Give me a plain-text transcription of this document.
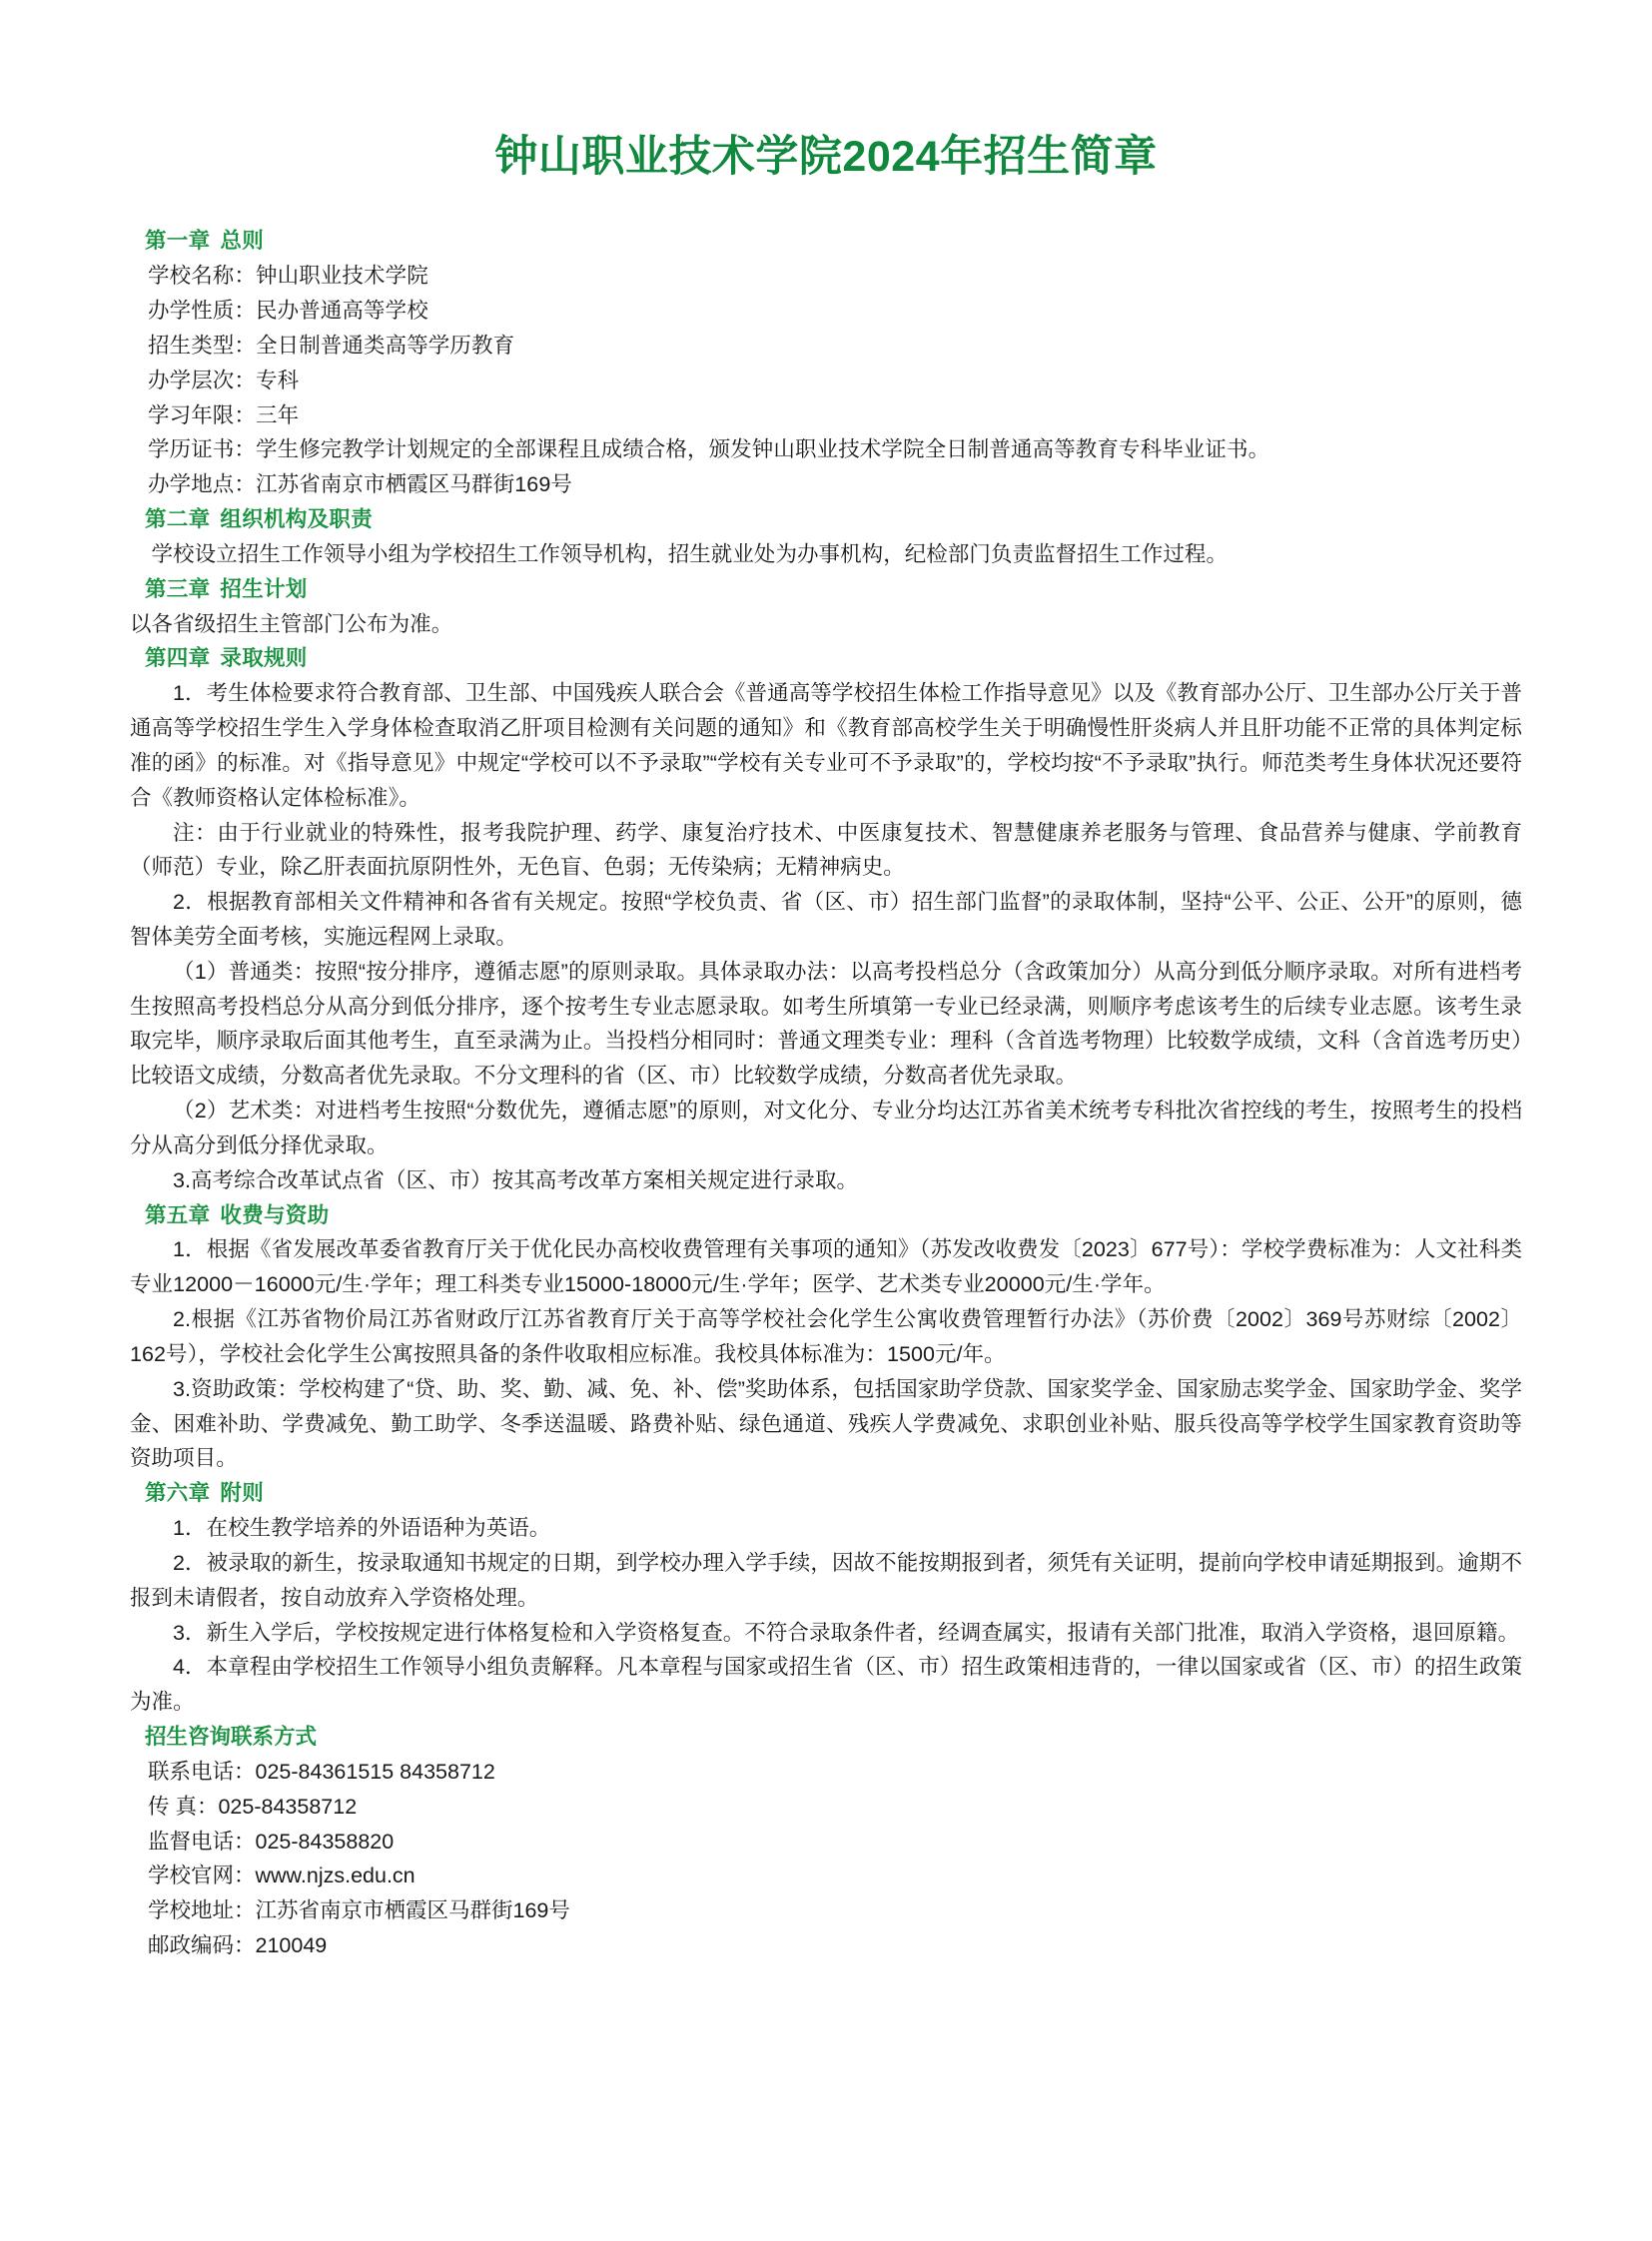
钟山职业技术学院2024年招生简章

第一章 总则

学校名称：钟山职业技术学院

办学性质：民办普通高等学校

招生类型：全日制普通类高等学历教育

办学层次：专科

学习年限：三年

学历证书：学生修完教学计划规定的全部课程且成绩合格，颁发钟山职业技术学院全日制普通高等教育专科毕业证书。

办学地点：江苏省南京市栖霞区马群街169号

第二章 组织机构及职责

学校设立招生工作领导小组为学校招生工作领导机构，招生就业处为办事机构，纪检部门负责监督招生工作过程。

第三章 招生计划

以各省级招生主管部门公布为准。

第四章 录取规则

1．考生体检要求符合教育部、卫生部、中国残疾人联合会《普通高等学校招生体检工作指导意见》以及《教育部办公厅、卫生部办公厅关于普通高等学校招生学生入学身体检查取消乙肝项目检测有关问题的通知》和《教育部高校学生关于明确慢性肝炎病人并且肝功能不正常的具体判定标准的函》的标准。对《指导意见》中规定“学校可以不予录取”“学校有关专业可不予录取”的，学校均按“不予录取”执行。师范类考生身体状况还要符合《教师资格认定体检标准》。

注：由于行业就业的特殊性，报考我院护理、药学、康复治疗技术、中医康复技术、智慧健康养老服务与管理、食品营养与健康、学前教育（师范）专业，除乙肝表面抗原阴性外，无色盲、色弱；无传染病；无精神病史。

2．根据教育部相关文件精神和各省有关规定。按照“学校负责、省（区、市）招生部门监督”的录取体制，坚持“公平、公正、公开”的原则，德智体美劳全面考核，实施远程网上录取。

（1）普通类：按照“按分排序，遵循志愿”的原则录取。具体录取办法：以高考投档总分（含政策加分）从高分到低分顺序录取。对所有进档考生按照高考投档总分从高分到低分排序，逐个按考生专业志愿录取。如考生所填第一专业已经录满，则顺序考虑该考生的后续专业志愿。该考生录取完毕，顺序录取后面其他考生，直至录满为止。当投档分相同时：普通文理类专业：理科（含首选考物理）比较数学成绩，文科（含首选考历史）比较语文成绩，分数高者优先录取。不分文理科的省（区、市）比较数学成绩，分数高者优先录取。

（2）艺术类：对进档考生按照“分数优先，遵循志愿”的原则，对文化分、专业分均达江苏省美术统考专科批次省控线的考生，按照考生的投档分从高分到低分择优录取。

3.高考综合改革试点省（区、市）按其高考改革方案相关规定进行录取。

第五章 收费与资助

1．根据《省发展改革委省教育厅关于优化民办高校收费管理有关事项的通知》（苏发改收费发〔2023〕677号）：学校学费标准为：人文社科类专业12000－16000元/生·学年；理工科类专业15000-18000元/生·学年；医学、艺术类专业20000元/生·学年。

2.根据《江苏省物价局江苏省财政厅江苏省教育厅关于高等学校社会化学生公寓收费管理暂行办法》（苏价费〔2002〕369号苏财综〔2002〕162号），学校社会化学生公寓按照具备的条件收取相应标准。我校具体标准为：1500元/年。

3.资助政策：学校构建了“贷、助、奖、勤、减、免、补、偿”奖助体系，包括国家助学贷款、国家奖学金、国家励志奖学金、国家助学金、奖学金、困难补助、学费减免、勤工助学、冬季送温暖、路费补贴、绿色通道、残疾人学费减免、求职创业补贴、服兵役高等学校学生国家教育资助等资助项目。

第六章 附则

1．在校生教学培养的外语语种为英语。

2．被录取的新生，按录取通知书规定的日期，到学校办理入学手续，因故不能按期报到者，须凭有关证明，提前向学校申请延期报到。逾期不报到未请假者，按自动放弃入学资格处理。

3．新生入学后，学校按规定进行体格复检和入学资格复查。不符合录取条件者，经调查属实，报请有关部门批准，取消入学资格，退回原籍。

4．本章程由学校招生工作领导小组负责解释。凡本章程与国家或招生省（区、市）招生政策相违背的，一律以国家或省（区、市）的招生政策为准。

招生咨询联系方式

联系电话：025-84361515 84358712

传 真：025-84358712

监督电话：025-84358820

学校官网：www.njzs.edu.cn

学校地址：江苏省南京市栖霞区马群街169号

邮政编码：210049
